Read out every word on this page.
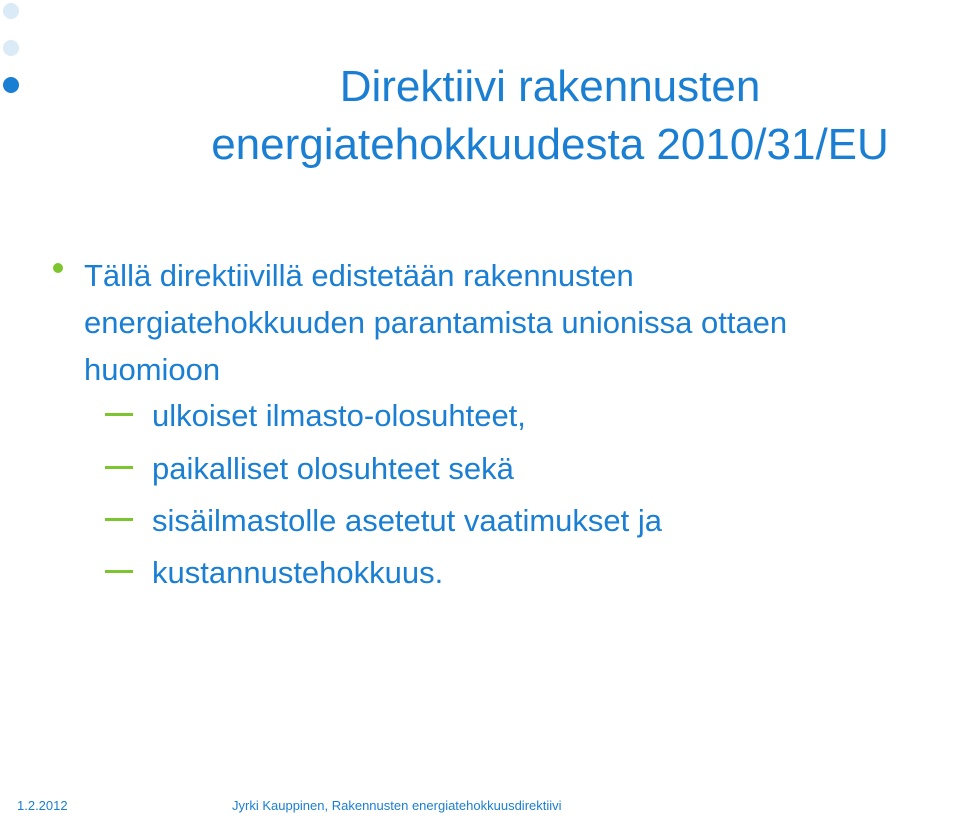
Direktiivi rakennusten
energiatehokkuudesta 2010/31/EU
Tällä direktiivillä edistetään rakennusten
energiatehokkuuden parantamista unionissa ottaen
huomioon
ulkoiset ilmasto-olosuhteet,
paikalliset olosuhteet sekä
sisäilmastolle asetetut vaatimukset ja
kustannustehokkuus.
1.2.2012	Jyrki Kauppinen, Rakennusten energiatehokkuusdirektiivi
